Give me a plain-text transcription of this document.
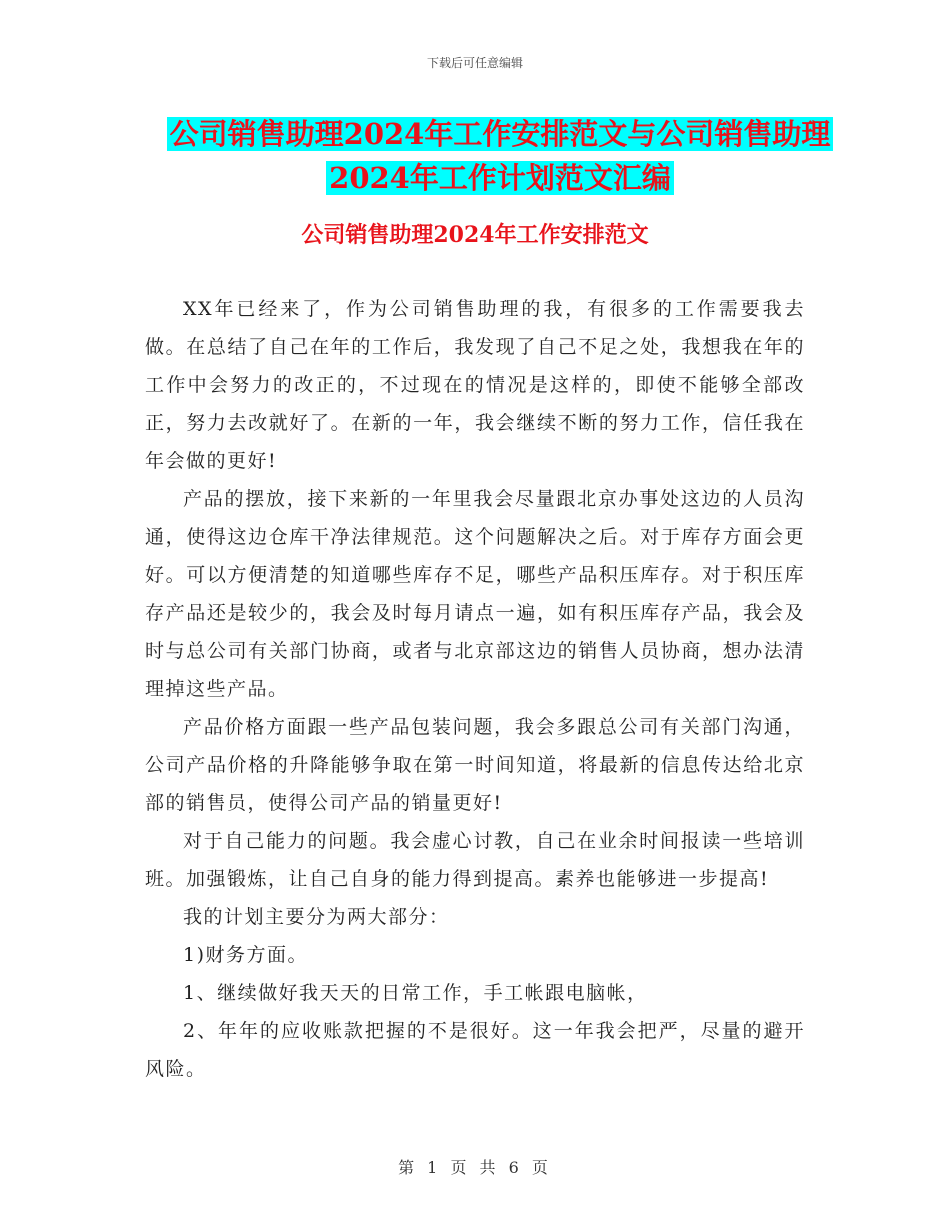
下载后可任意编辑
公司销售助理2024年工作安排范文与公司销售助理
2024年工作计划范文汇编
公司销售助理2024年工作安排范文

XX年已经来了，作为公司销售助理的我，有很多的工作需要我去做。在总结了自己在年的工作后，我发现了自己不足之处，我想我在年的工作中会努力的改正的，不过现在的情况是这样的，即使不能够全部改正，努力去改就好了。在新的一年，我会继续不断的努力工作，信任我在年会做的更好!

产品的摆放，接下来新的一年里我会尽量跟北京办事处这边的人员沟通，使得这边仓库干净法律规范。这个问题解决之后。对于库存方面会更好。可以方便清楚的知道哪些库存不足，哪些产品积压库存。对于积压库存产品还是较少的，我会及时每月请点一遍，如有积压库存产品，我会及时与总公司有关部门协商，或者与北京部这边的销售人员协商，想办法清理掉这些产品。

产品价格方面跟一些产品包装问题，我会多跟总公司有关部门沟通，公司产品价格的升降能够争取在第一时间知道，将最新的信息传达给北京部的销售员，使得公司产品的销量更好!

对于自己能力的问题。我会虚心讨教，自己在业余时间报读一些培训班。加强锻炼，让自己自身的能力得到提高。素养也能够进一步提高!

我的计划主要分为两大部分：

1)财务方面。

1、继续做好我天天的日常工作，手工帐跟电脑帐，

2、年年的应收账款把握的不是很好。这一年我会把严，尽量的避开风险。

第 1 页 共 6 页
